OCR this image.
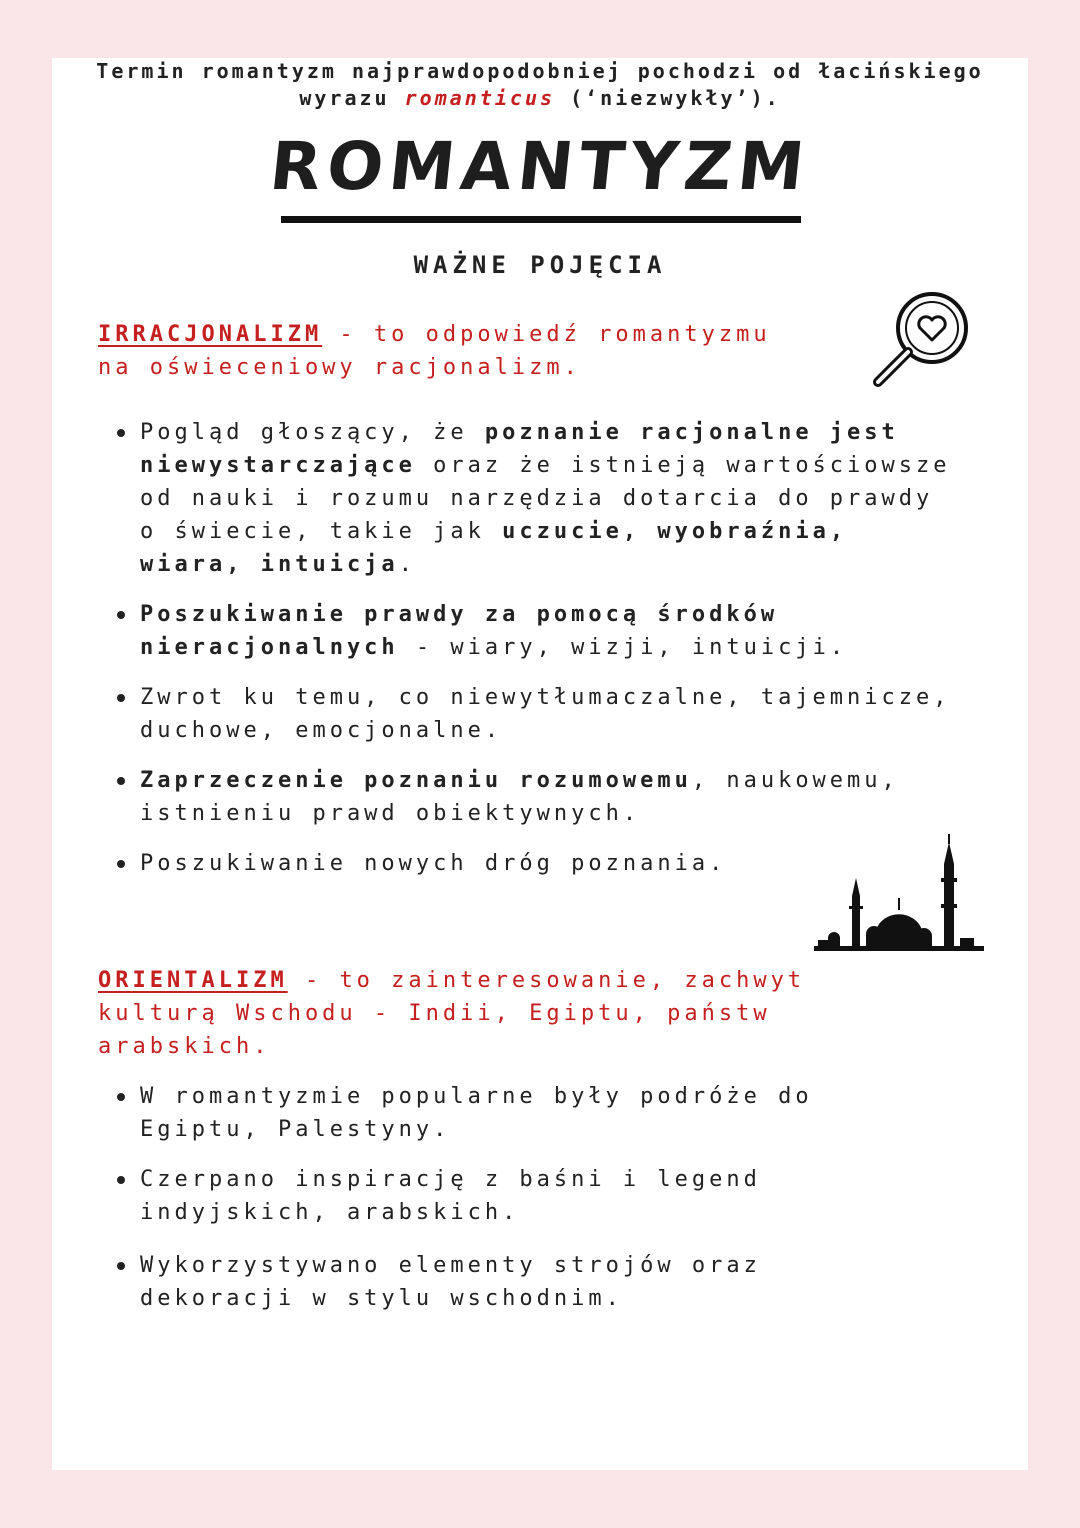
Termin romantyzm najprawdopodobniej pochodzi od łacińskiego
wyrazu romanticus (‘niezwykły’).
ROMANTYZM
WAŻNE POJĘCIA
IRRACJONALIZM - to odpowiedź romantyzmu na oświeceniowy racjonalizm.
Pogląd głoszący, że poznanie racjonalne jest niewystarczające oraz że istnieją wartościowsze od nauki i rozumu narzędzia dotarcia do prawdy o świecie, takie jak uczucie, wyobraźnia, wiara, intuicja.
Poszukiwanie prawdy za pomocą środków nieracjonalnych - wiary, wizji, intuicji.
Zwrot ku temu, co niewytłumaczalne, tajemnicze, duchowe, emocjonalne.
Zaprzeczenie poznaniu rozumowemu, naukowemu, istnieniu prawd obiektywnych.
Poszukiwanie nowych dróg poznania.
ORIENTALIZM - to zainteresowanie, zachwyt kulturą Wschodu - Indii, Egiptu, państw arabskich.
W romantyzmie popularne były podróże do Egiptu, Palestyny.
Czerpano inspirację z baśni i legend indyjskich, arabskich.
Wykorzystywano elementy strojów oraz dekoracji w stylu wschodnim.
